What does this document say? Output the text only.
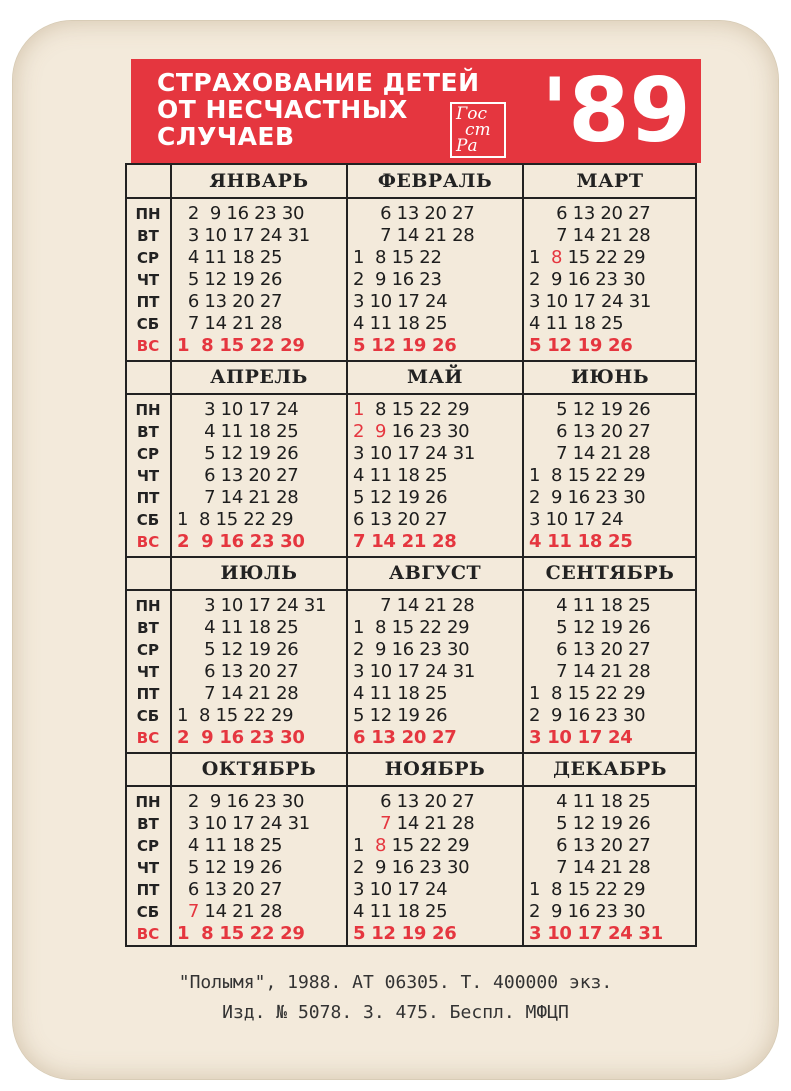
СТРАХОВАНИЕ ДЕТЕЙ
ОТ НЕСЧАСТНЫХ
СЛУЧАЕВ
Гос
ст
Ра '89
ЯНВАРЬ
2  9 16 23 30
3 10 17 24 31
4 11 18 25
5 12 19 26
6 13 20 27
7 14 21 28
1  8 15 22 29
ФЕВРАЛЬ
6 13 20 27
7 14 21 28
1  8 15 22
2  9 16 23
3 10 17 24
4 11 18 25
5 12 19 26
МАРТ
6 13 20 27
7 14 21 28
1  8 15 22 29
2  9 16 23 30
3 10 17 24 31
4 11 18 25
5 12 19 26
АПРЕЛЬ
3 10 17 24
4 11 18 25
5 12 19 26
6 13 20 27
7 14 21 28
1  8 15 22 29
2  9 16 23 30
МАЙ
1  8 15 22 29
2  9 16 23 30
3 10 17 24 31
4 11 18 25
5 12 19 26
6 13 20 27
7 14 21 28
ИЮНЬ
5 12 19 26
6 13 20 27
7 14 21 28
1  8 15 22 29
2  9 16 23 30
3 10 17 24
4 11 18 25
ИЮЛЬ
3 10 17 24 31
4 11 18 25
5 12 19 26
6 13 20 27
7 14 21 28
1  8 15 22 29
2  9 16 23 30
АВГУСТ
7 14 21 28
1  8 15 22 29
2  9 16 23 30
3 10 17 24 31
4 11 18 25
5 12 19 26
6 13 20 27
СЕНТЯБРЬ
4 11 18 25
5 12 19 26
6 13 20 27
7 14 21 28
1  8 15 22 29
2  9 16 23 30
3 10 17 24
ОКТЯБРЬ
2  9 16 23 30
3 10 17 24 31
4 11 18 25
5 12 19 26
6 13 20 27
7 14 21 28
1  8 15 22 29
НОЯБРЬ
6 13 20 27
7 14 21 28
1  8 15 22 29
2  9 16 23 30
3 10 17 24
4 11 18 25
5 12 19 26
ДЕКАБРЬ
4 11 18 25
5 12 19 26
6 13 20 27
7 14 21 28
1  8 15 22 29
2  9 16 23 30
3 10 17 24 31
ПН
ВТ
СР
ЧТ
ПТ
СБ
ВС
ПН
ВТ
СР
ЧТ
ПТ
СБ
ВС
ПН
ВТ
СР
ЧТ
ПТ
СБ
ВС
ПН
ВТ
СР
ЧТ
ПТ
СБ
ВС
"Полымя", 1988. АТ 06305. Т. 400000 экз.
Изд. № 5078. З. 475. Беспл. МФЦП
